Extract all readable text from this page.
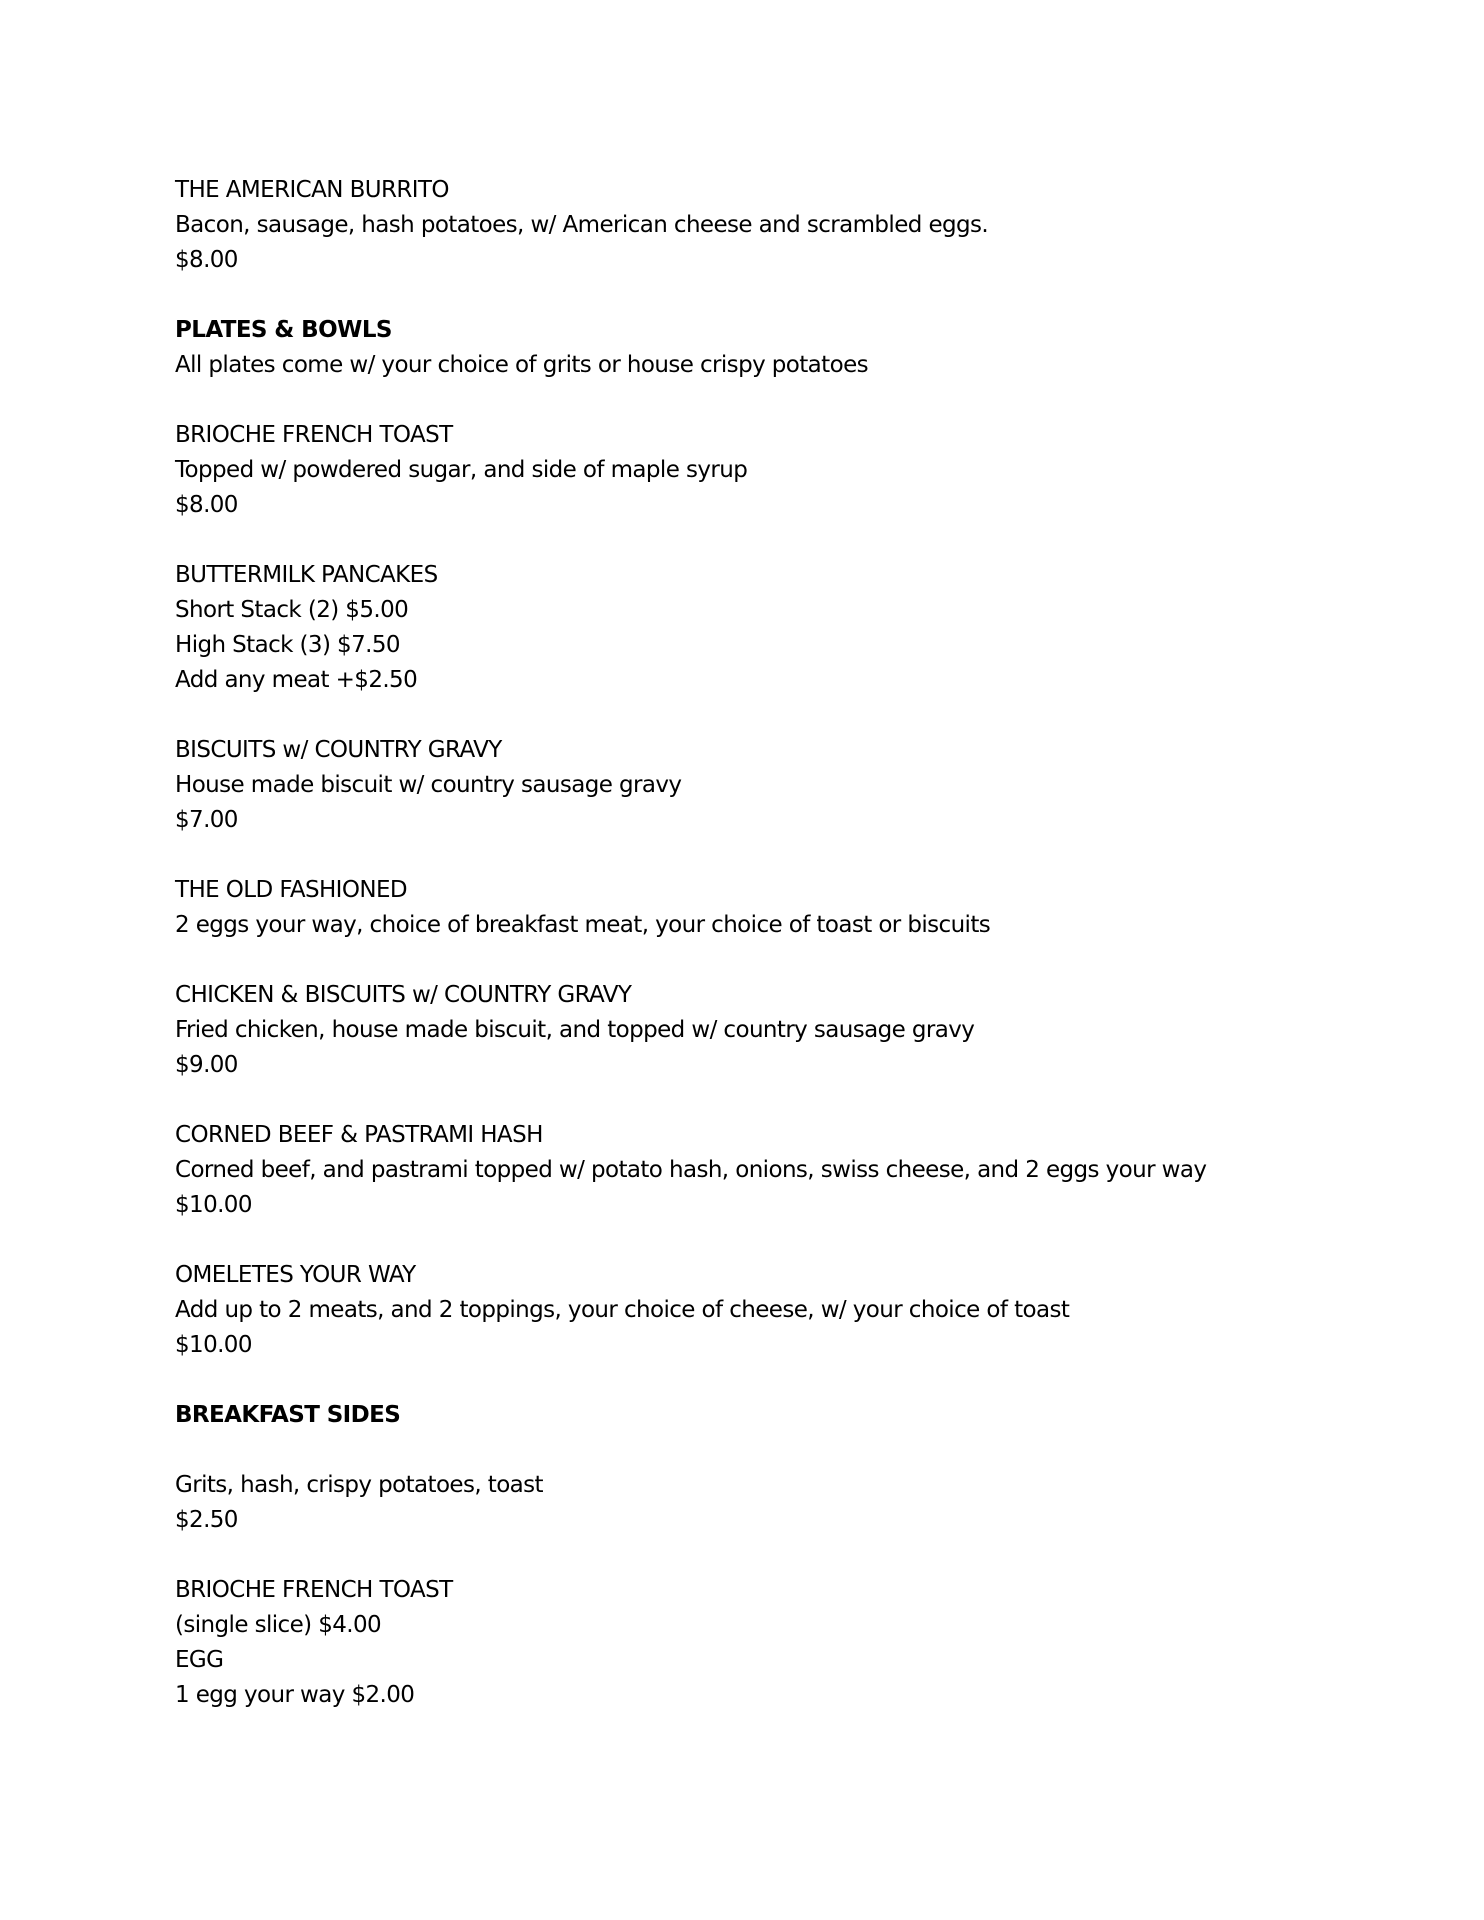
THE AMERICAN BURRITO
Bacon, sausage, hash potatoes, w/ American cheese and scrambled eggs.
$8.00
PLATES & BOWLS
All plates come w/ your choice of grits or house crispy potatoes
BRIOCHE FRENCH TOAST
Topped w/ powdered sugar, and side of maple syrup
$8.00
BUTTERMILK PANCAKES
Short Stack (2) $5.00
High Stack (3) $7.50
Add any meat +$2.50
BISCUITS w/ COUNTRY GRAVY
House made biscuit w/ country sausage gravy
$7.00
THE OLD FASHIONED
2 eggs your way, choice of breakfast meat, your choice of toast or biscuits
CHICKEN & BISCUITS w/ COUNTRY GRAVY
Fried chicken, house made biscuit, and topped w/ country sausage gravy
$9.00
CORNED BEEF & PASTRAMI HASH
Corned beef, and pastrami topped w/ potato hash, onions, swiss cheese, and 2 eggs your way
$10.00
OMELETES YOUR WAY
Add up to 2 meats, and 2 toppings, your choice of cheese, w/ your choice of toast
$10.00
BREAKFAST SIDES
Grits, hash, crispy potatoes, toast
$2.50
BRIOCHE FRENCH TOAST
(single slice) $4.00
EGG
1 egg your way $2.00
